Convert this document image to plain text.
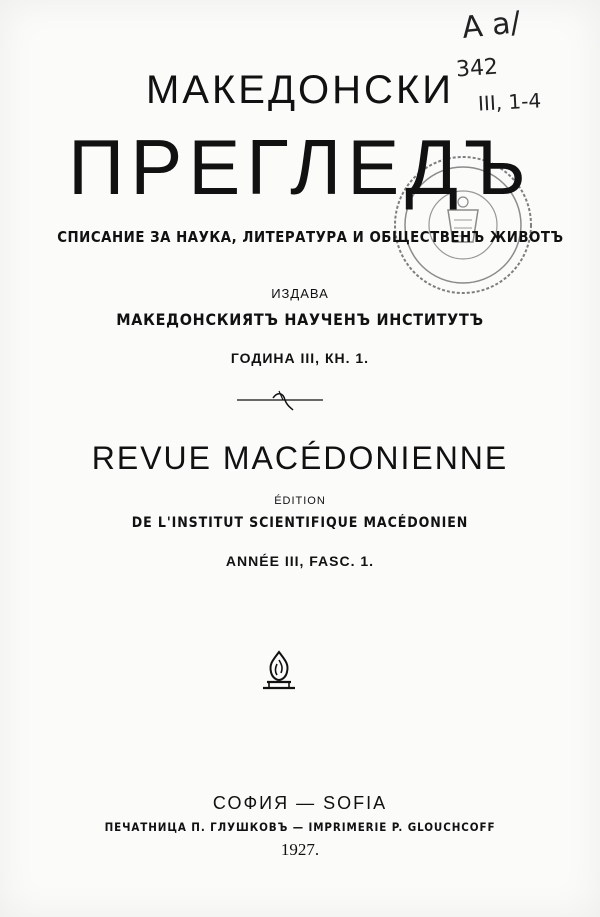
A a/
342
III, 1-4
МАКЕДОНСКИ
ПРЕГЛЕДЪ
СПИСАНИЕ ЗА НАУКА, ЛИТЕРАТУРА И ОБЩЕСТВЕНЪ ЖИВОТЪ
ИЗДАВА
МАКЕДОНСКИЯТЪ НАУЧЕНЪ ИНСТИТУТЪ
ГОДИНА III, КН. 1.
REVUE MACÉDONIENNE
ÉDITION
DE L'INSTITUT SCIENTIFIQUE MACÉDONIEN
ANNÉE III, FASC. 1.
СОФИЯ — SOFIA
ПЕЧАТНИЦА П. ГЛУШКОВЪ — IMPRIMERIE P. GLOUCHCOFF
1927.
